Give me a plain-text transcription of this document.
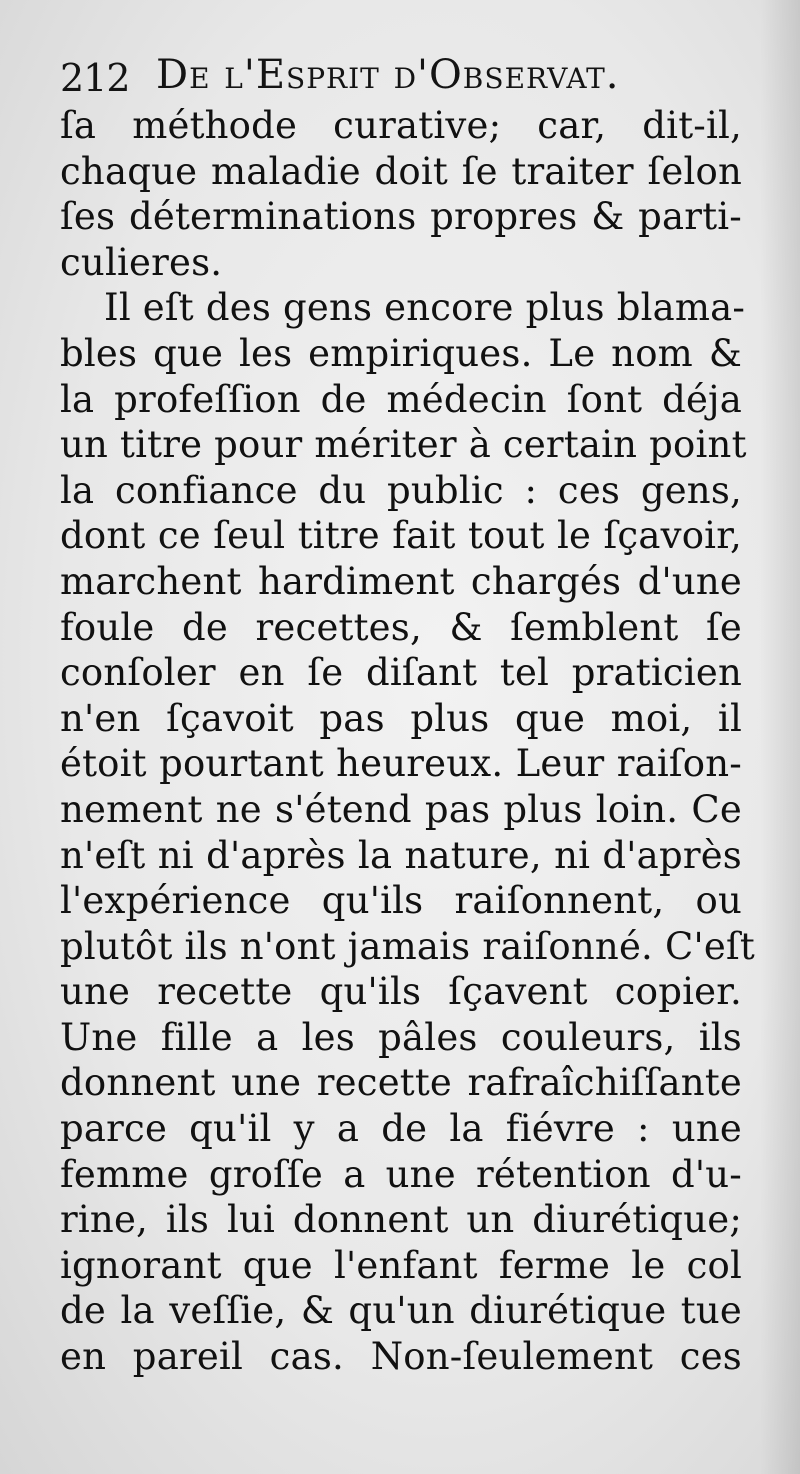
212 De l'Esprit d'Observat.
ſa méthode curative; car, dit-il,
chaque maladie doit ſe traiter ſelon
ſes déterminations propres & parti-
culieres.
Il eſt des gens encore plus blama-
bles que les empiriques. Le nom &
la profeſſion de médecin ſont déja
un titre pour mériter à certain point
la confiance du public : ces gens,
dont ce ſeul titre fait tout le ſçavoir,
marchent hardiment chargés d'une
foule de recettes, & ſemblent ſe
conſoler en ſe diſant tel praticien
n'en ſçavoit pas plus que moi, il
étoit pourtant heureux. Leur raiſon-
nement ne s'étend pas plus loin. Ce
n'eſt ni d'après la nature, ni d'après
l'expérience qu'ils raiſonnent, ou
plutôt ils n'ont jamais raiſonné. C'eſt
une recette qu'ils ſçavent copier.
Une fille a les pâles couleurs, ils
donnent une recette rafraîchiſſante
parce qu'il y a de la fiévre : une
femme groſſe a une rétention d'u-
rine, ils lui donnent un diurétique;
ignorant que l'enfant ferme le col
de la veſſie, & qu'un diurétique tue
en pareil cas. Non-ſeulement ces
